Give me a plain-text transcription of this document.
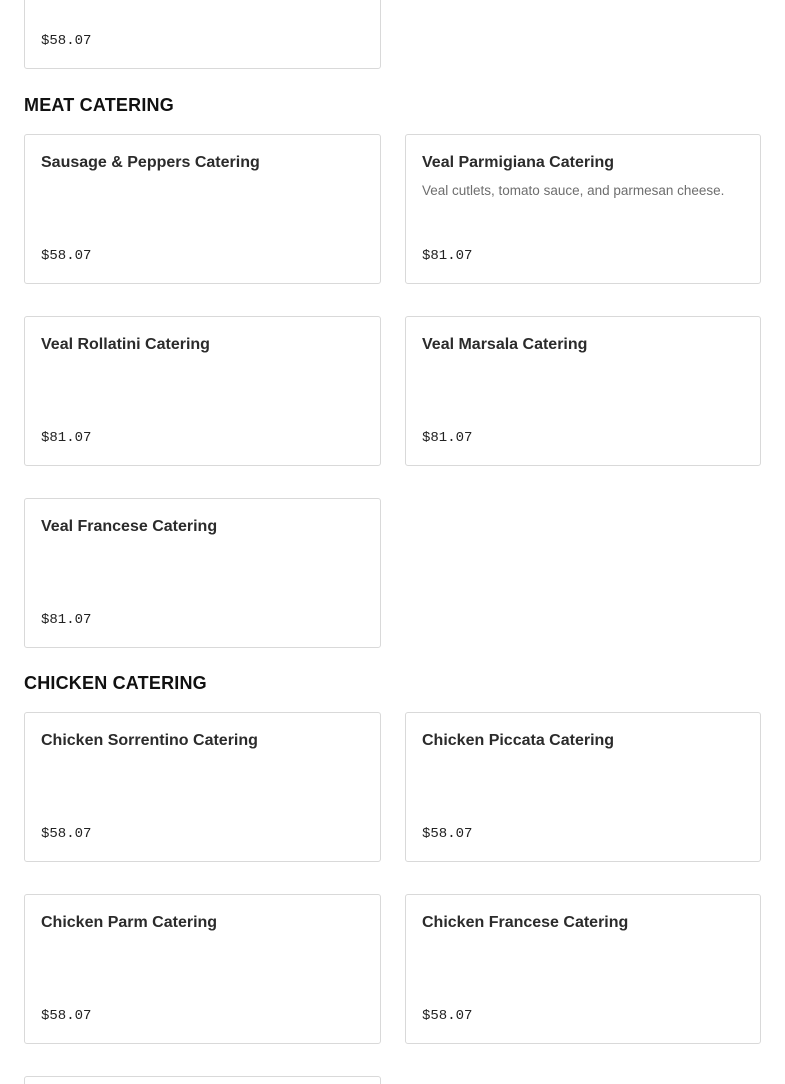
$58.07
MEAT CATERING
Sausage & Peppers Catering
$58.07
Veal Parmigiana Catering
Veal cutlets, tomato sauce, and parmesan cheese.
$81.07
Veal Rollatini Catering
$81.07
Veal Marsala Catering
$81.07
Veal Francese Catering
$81.07
CHICKEN CATERING
Chicken Sorrentino Catering
$58.07
Chicken Piccata Catering
$58.07
Chicken Parm Catering
$58.07
Chicken Francese Catering
$58.07
